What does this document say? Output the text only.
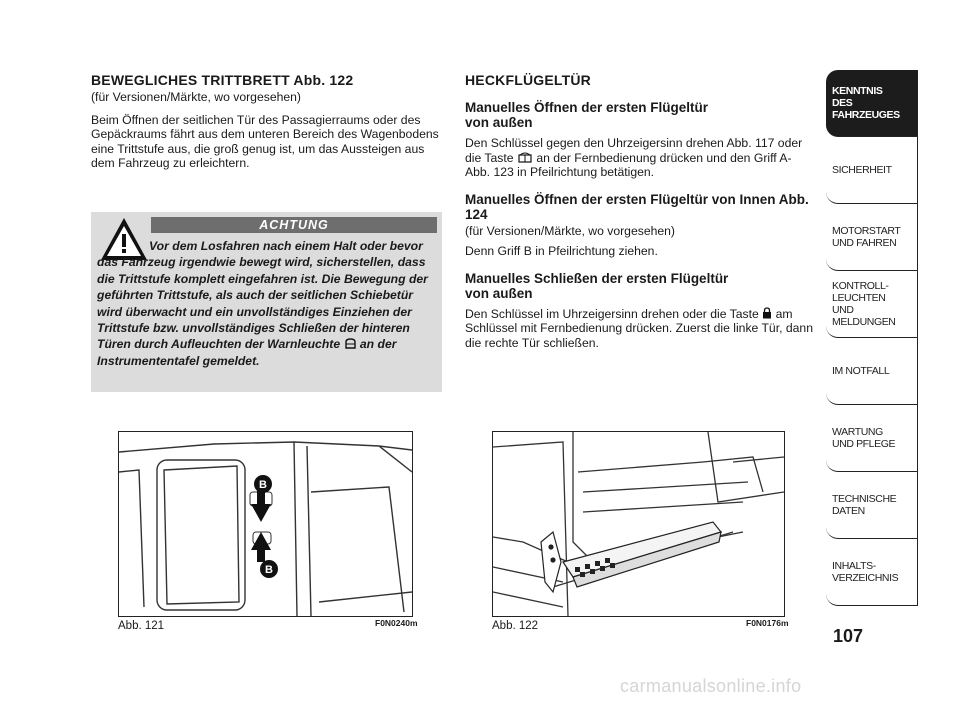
BEWEGLICHES TRITTBRETT Abb. 122
(für Versionen/Märkte, wo vorgesehen)
Beim Öffnen der seitlichen Tür des Passagierraums oder des Gepäckraums fährt aus dem unteren Bereich des Wagenbodens eine Trittstufe aus, die groß genug ist, um das Aussteigen aus dem Fahrzeug zu erleichtern.
ACHTUNG
Vor dem Losfahren nach einem Halt oder bevor das Fahrzeug irgendwie bewegt wird, sicherstellen, dass die Trittstufe komplett eingefahren ist. Die Bewegung der geführten Trittstufe, als auch der seitlichen Schiebetür wird überwacht und ein unvollständiges Einziehen der Trittstufe bzw. unvollständiges Schließen der hinteren Türen durch Aufleuchten der Warnleuchte an der Instrumententafel gemeldet.
HECKFLÜGELTÜR
Manuelles Öffnen der ersten Flügeltür
von außen
Den Schlüssel gegen den Uhrzeigersinn drehen Abb. 117 oder die Taste an der Fernbedienung drücken und den Griff A-Abb. 123 in Pfeilrichtung betätigen.
Manuelles Öffnen der ersten Flügeltür von Innen Abb. 124
(für Versionen/Märkte, wo vorgesehen)
Denn Griff B in Pfeilrichtung ziehen.
Manuelles Schließen der ersten Flügeltür
von außen
Den Schlüssel im Uhrzeigersinn drehen oder die Taste am Schlüssel mit Fernbedienung drücken. Zuerst die linke Tür, dann die rechte Tür schließen.
B
B
Abb. 121	F0N0240m	Abb. 122	F0N0176m
KENNTNIS
DES FAHRZEUGES
SICHERHEIT
MOTORSTART
UND FAHREN
KONTROLL-
LEUCHTEN
UND MELDUNGEN
IM NOTFALL
WARTUNG
UND PFLEGE
TECHNISCHE
DATEN
INHALTS-
VERZEICHNIS
107
carmanualsonline.info
